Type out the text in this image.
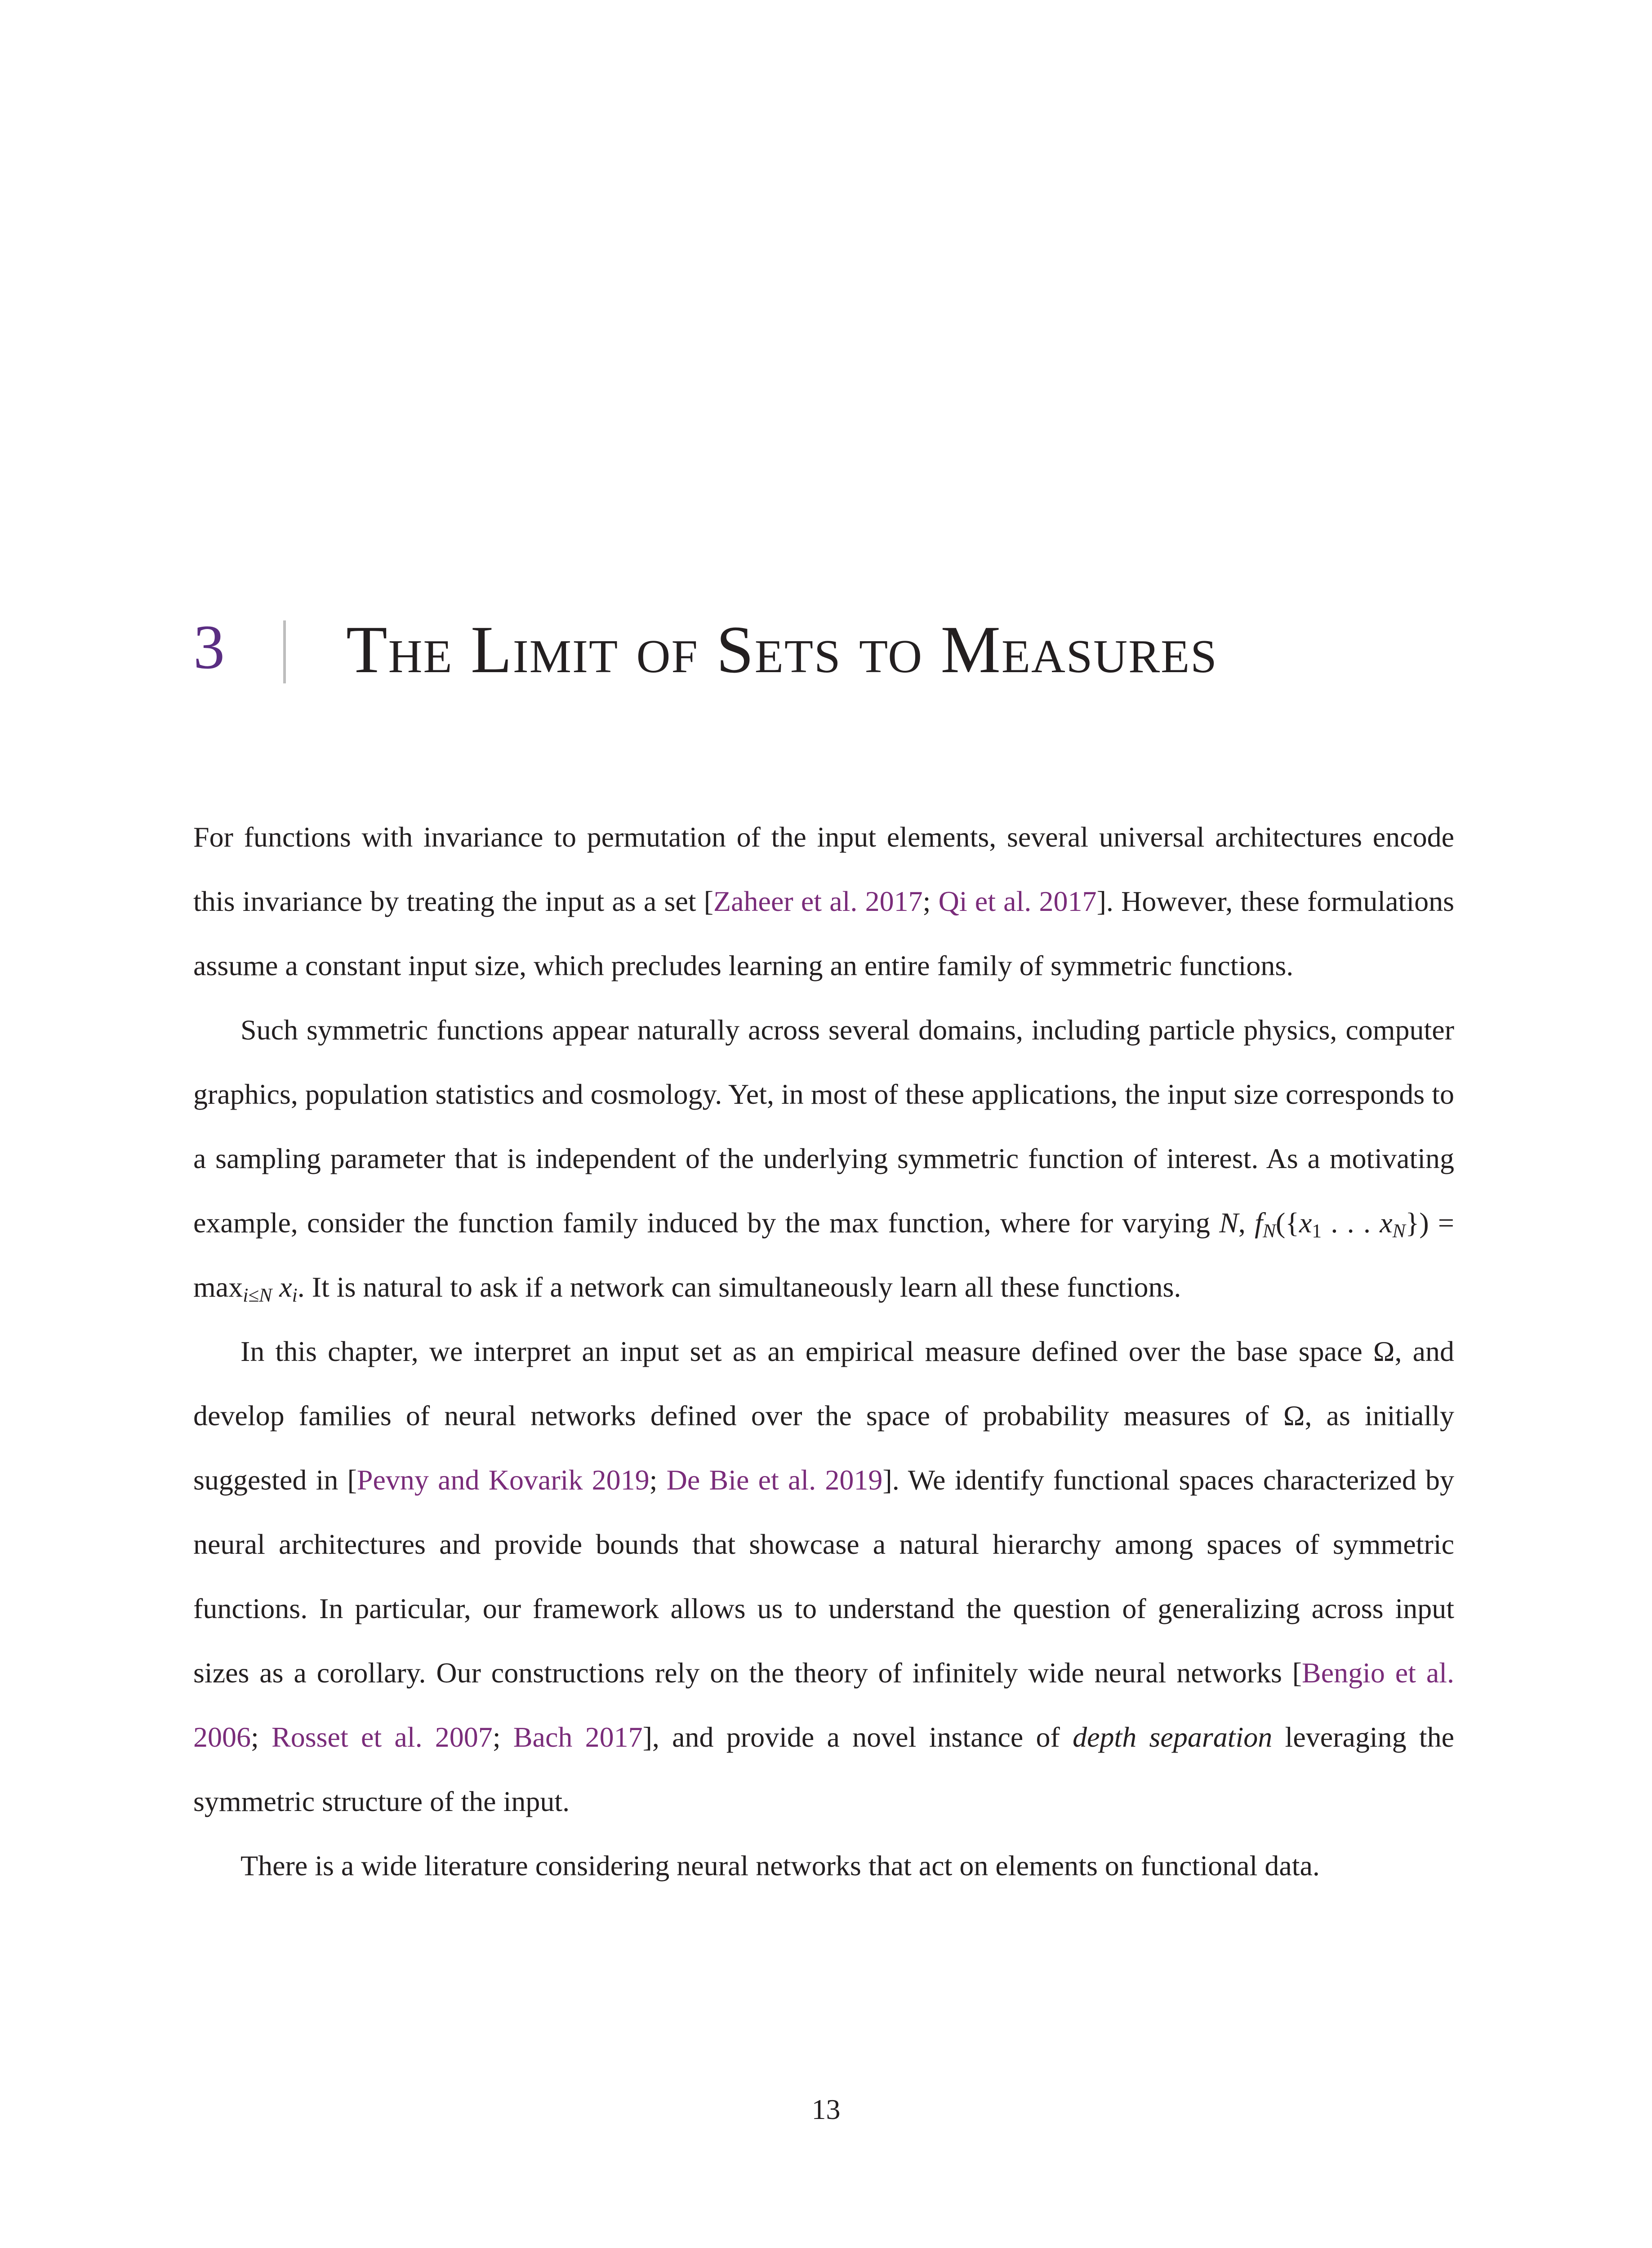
3 The Limit of Sets to Measures

For functions with invariance to permutation of the input elements, several universal architectures encode this invariance by treating the input as a set [Zaheer et al. 2017; Qi et al. 2017]. However, these formulations assume a constant input size, which precludes learning an entire family of symmetric functions.

Such symmetric functions appear naturally across several domains, including particle physics, computer graphics, population statistics and cosmology. Yet, in most of these applications, the input size corresponds to a sampling parameter that is independent of the underlying symmetric function of interest. As a motivating example, consider the function family induced by the max function, where for varying N, $f_N(\{x_1$ . . . $x_N\}) = \max_{i\le N} x_i$. It is natural to ask if a network can simultaneously learn all these functions.

In this chapter, we interpret an input set as an empirical measure defined over the base space Ω, and develop families of neural networks defined over the space of probability measures of Ω, as initially suggested in [Pevny and Kovarik 2019; De Bie et al. 2019]. We identify functional spaces characterized by neural architectures and provide bounds that showcase a natural hierarchy among spaces of symmetric functions. In particular, our framework allows us to understand the question of generalizing across input sizes as a corollary. Our constructions rely on the theory of infinitely wide neural networks [Bengio et al. 2006; Rosset et al. 2007; Bach 2017], and provide a novel instance of depth separation leveraging the symmetric structure of the input.

There is a wide literature considering neural networks that act on elements on functional data.

13
